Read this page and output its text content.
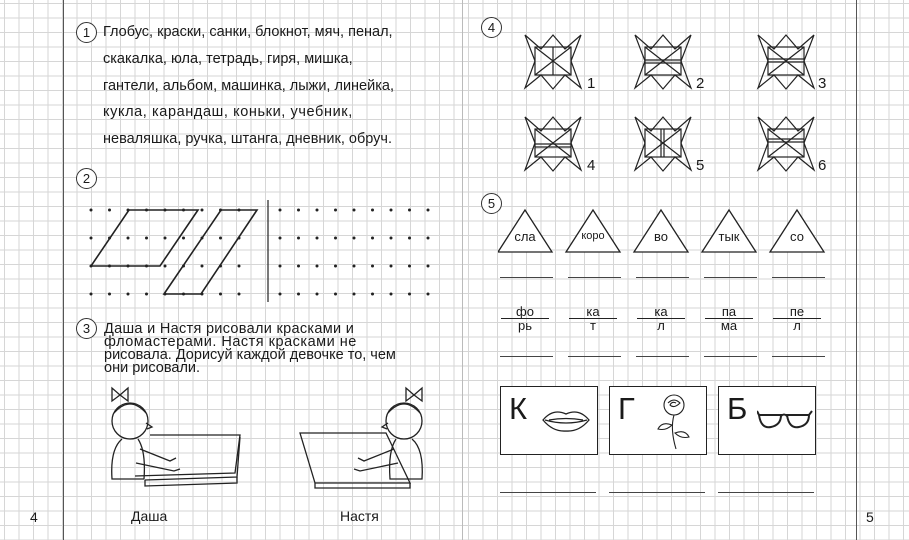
4	5
1 Глобус, краски, санки, блокнот, мяч, пенал,
скакалка, юла, тетрадь, гиря, мишка,
гантели, альбом, машинка, лыжи, линейка,
кукла, карандаш, коньки, учебник,
неваляшка, ручка, штанга, дневник, обруч.
2
3 Даша и Настя рисовали красками и
фломастерами. Настя красками не
рисовала. Дорисуй каждой девочке то, чем
они рисовали.
Даша	Настя
4
1	2	3
4	5	6
5
сла	коро	во	тык	со
фо
рь
ка
т
ка
л
па
ма
пе
л
К	Г	Б
